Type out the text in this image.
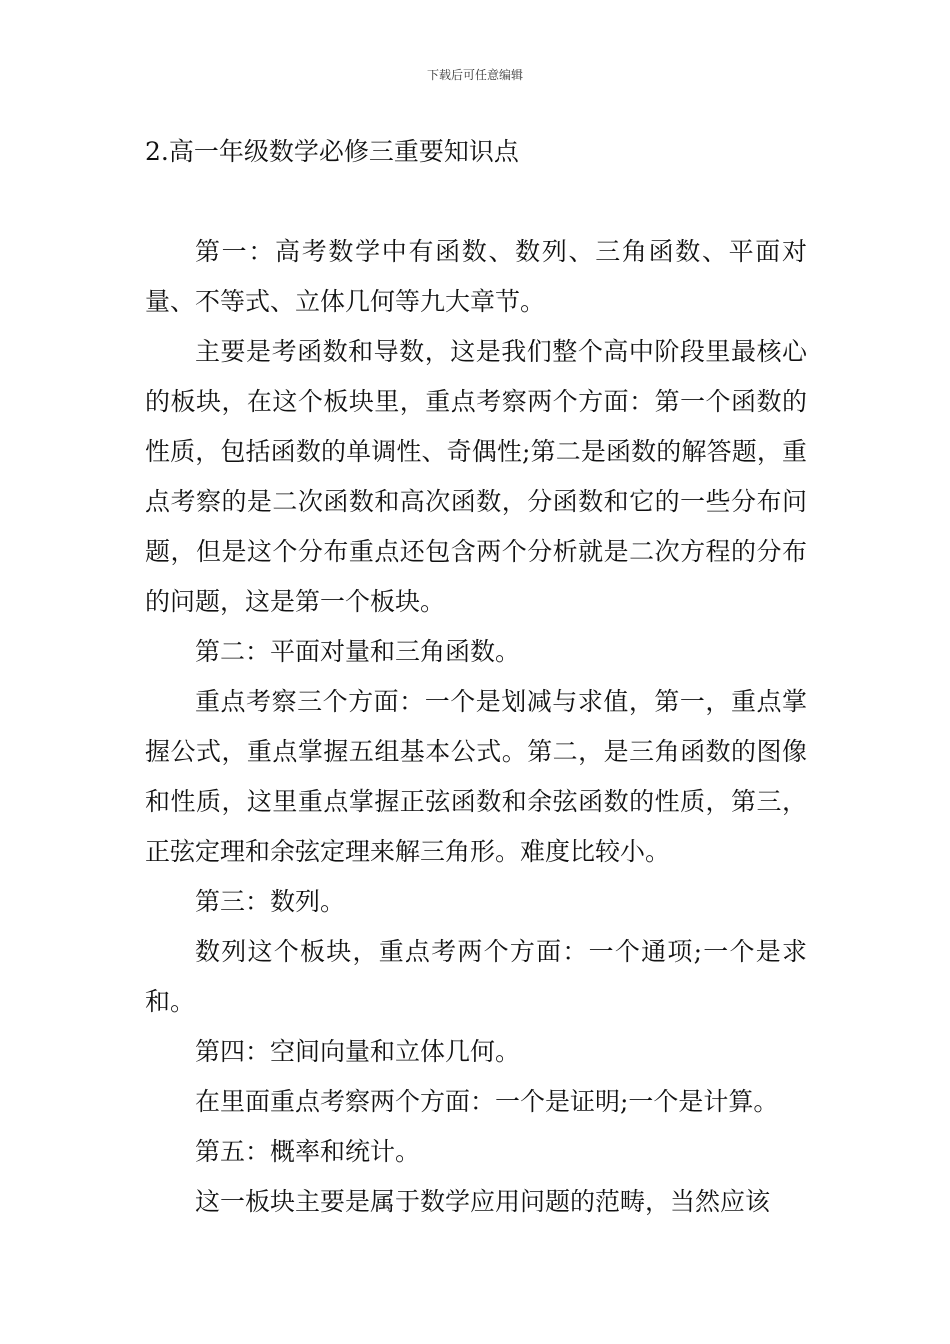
下载后可任意编辑
2.高一年级数学必修三重要知识点

第一：高考数学中有函数、数列、三角函数、平面对量、不等式、立体几何等九大章节。

主要是考函数和导数，这是我们整个高中阶段里最核心的板块，在这个板块里，重点考察两个方面：第一个函数的性质，包括函数的单调性、奇偶性;第二是函数的解答题，重点考察的是二次函数和高次函数，分函数和它的一些分布问题，但是这个分布重点还包含两个分析就是二次方程的分布的问题，这是第一个板块。

第二：平面对量和三角函数。

重点考察三个方面：一个是划减与求值，第一，重点掌握公式，重点掌握五组基本公式。第二，是三角函数的图像和性质，这里重点掌握正弦函数和余弦函数的性质，第三，正弦定理和余弦定理来解三角形。难度比较小。

第三：数列。

数列这个板块，重点考两个方面：一个通项;一个是求和。

第四：空间向量和立体几何。

在里面重点考察两个方面：一个是证明;一个是计算。

第五：概率和统计。

这一板块主要是属于数学应用问题的范畴，当然应该
